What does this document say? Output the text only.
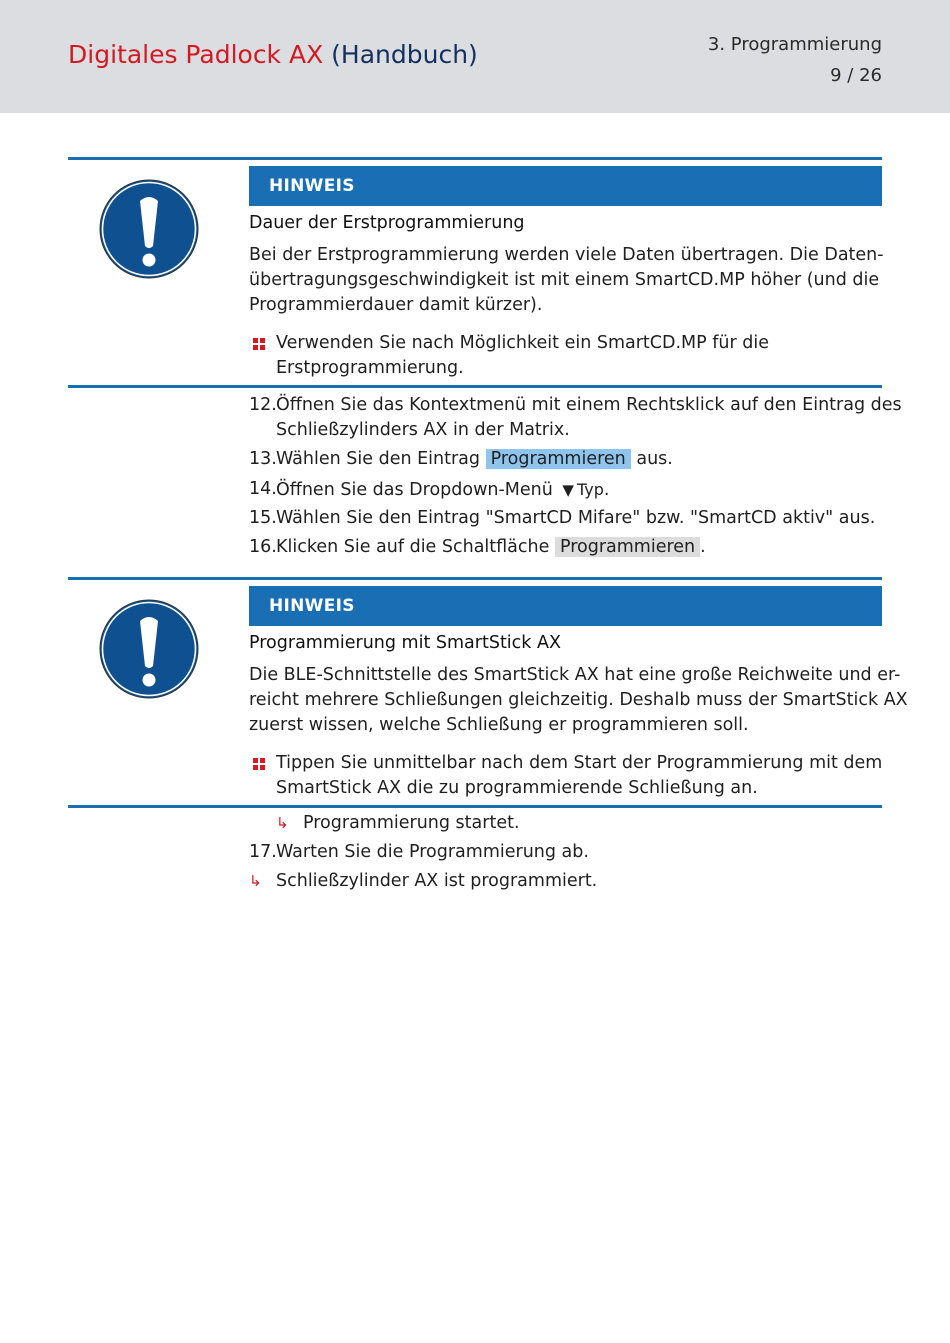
Digitales Padlock AX (Handbuch)	3. Programmierung
9 / 26
HINWEIS
Dauer der Erstprogrammierung
Bei der Erstprogrammierung werden viele Daten übertragen. Die Daten-
übertragungsgeschwindigkeit ist mit einem SmartCD.MP höher (und die
Programmierdauer damit kürzer).
Verwenden Sie nach Möglichkeit ein SmartCD.MP für die
Erstprogrammierung.
12. Öffnen Sie das Kontextmenü mit einem Rechtsklick auf den Eintrag des
Schließzylinders AX in der Matrix.
13. Wählen Sie den Eintrag Programmieren aus.
14. Öffnen Sie das Dropdown-Menü ▼ Typ.
15. Wählen Sie den Eintrag "SmartCD Mifare" bzw. "SmartCD aktiv" aus.
16. Klicken Sie auf die Schaltfläche Programmieren .
HINWEIS
Programmierung mit SmartStick AX
Die BLE-Schnittstelle des SmartStick AX hat eine große Reichweite und er-
reicht mehrere Schließungen gleichzeitig. Deshalb muss der SmartStick AX
zuerst wissen, welche Schließung er programmieren soll.
Tippen Sie unmittelbar nach dem Start der Programmierung mit dem
SmartStick AX die zu programmierende Schließung an.
↳ Programmierung startet.
17. Warten Sie die Programmierung ab.
↳ Schließzylinder AX ist programmiert.
